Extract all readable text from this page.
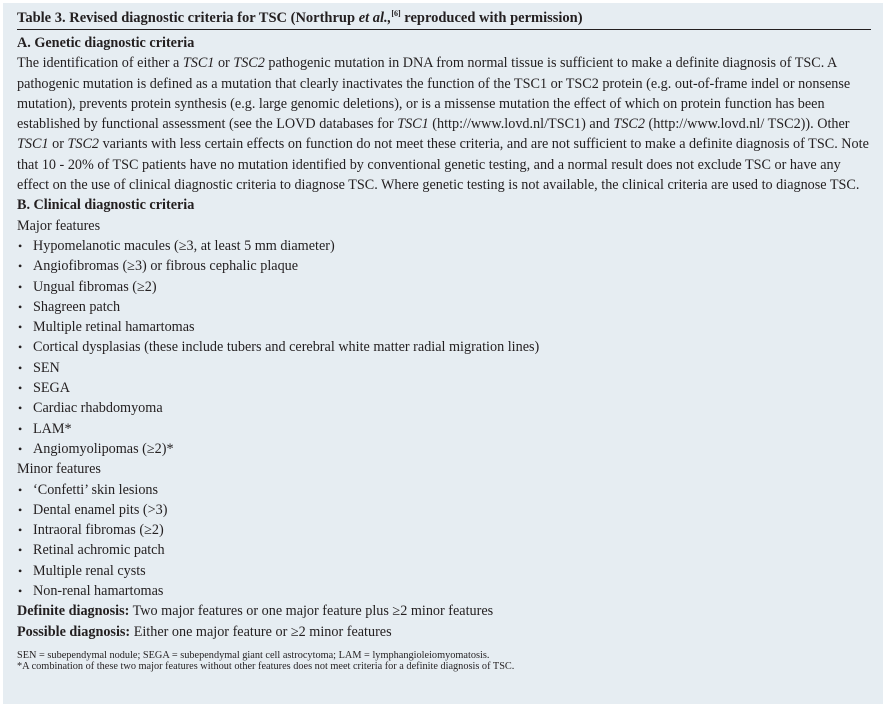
Table 3. Revised diagnostic criteria for TSC (Northrup et al.,[6] reproduced with permission)
A. Genetic diagnostic criteria

The identification of either a TSC1 or TSC2 pathogenic mutation in DNA from normal tissue is sufficient to make a definite diagnosis of TSC. A pathogenic mutation is defined as a mutation that clearly inactivates the function of the TSC1 or TSC2 protein (e.g. out-of-frame indel or nonsense mutation), prevents protein synthesis (e.g. large genomic deletions), or is a missense mutation the effect of which on protein function has been established by functional assessment (see the LOVD databases for TSC1 (http://www.lovd.nl/TSC1) and TSC2 (http://www.lovd.nl/ TSC2)). Other TSC1 or TSC2 variants with less certain effects on function do not meet these criteria, and are not sufficient to make a definite diagnosis of TSC. Note that 10 - 20% of TSC patients have no mutation identified by conventional genetic testing, and a normal result does not exclude TSC or have any effect on the use of clinical diagnostic criteria to diagnose TSC. Where genetic testing is not available, the clinical criteria are used to diagnose TSC.

B. Clinical diagnostic criteria
Major features
• Hypomelanotic macules (≥3, at least 5 mm diameter)
• Angiofibromas (≥3) or fibrous cephalic plaque
• Ungual fibromas (≥2)
• Shagreen patch
• Multiple retinal hamartomas
• Cortical dysplasias (these include tubers and cerebral white matter radial migration lines)
• SEN
• SEGA
• Cardiac rhabdomyoma
• LAM*
• Angiomyolipomas (≥2)*
Minor features
• ‘Confetti’ skin lesions
• Dental enamel pits (>3)
• Intraoral fibromas (≥2)
• Retinal achromic patch
• Multiple renal cysts
• Non-renal hamartomas
Definite diagnosis: Two major features or one major feature plus ≥2 minor features
Possible diagnosis: Either one major feature or ≥2 minor features
SEN = subependymal nodule; SEGA = subependymal giant cell astrocytoma; LAM = lymphangioleiomyomatosis.
*A combination of these two major features without other features does not meet criteria for a definite diagnosis of TSC.
